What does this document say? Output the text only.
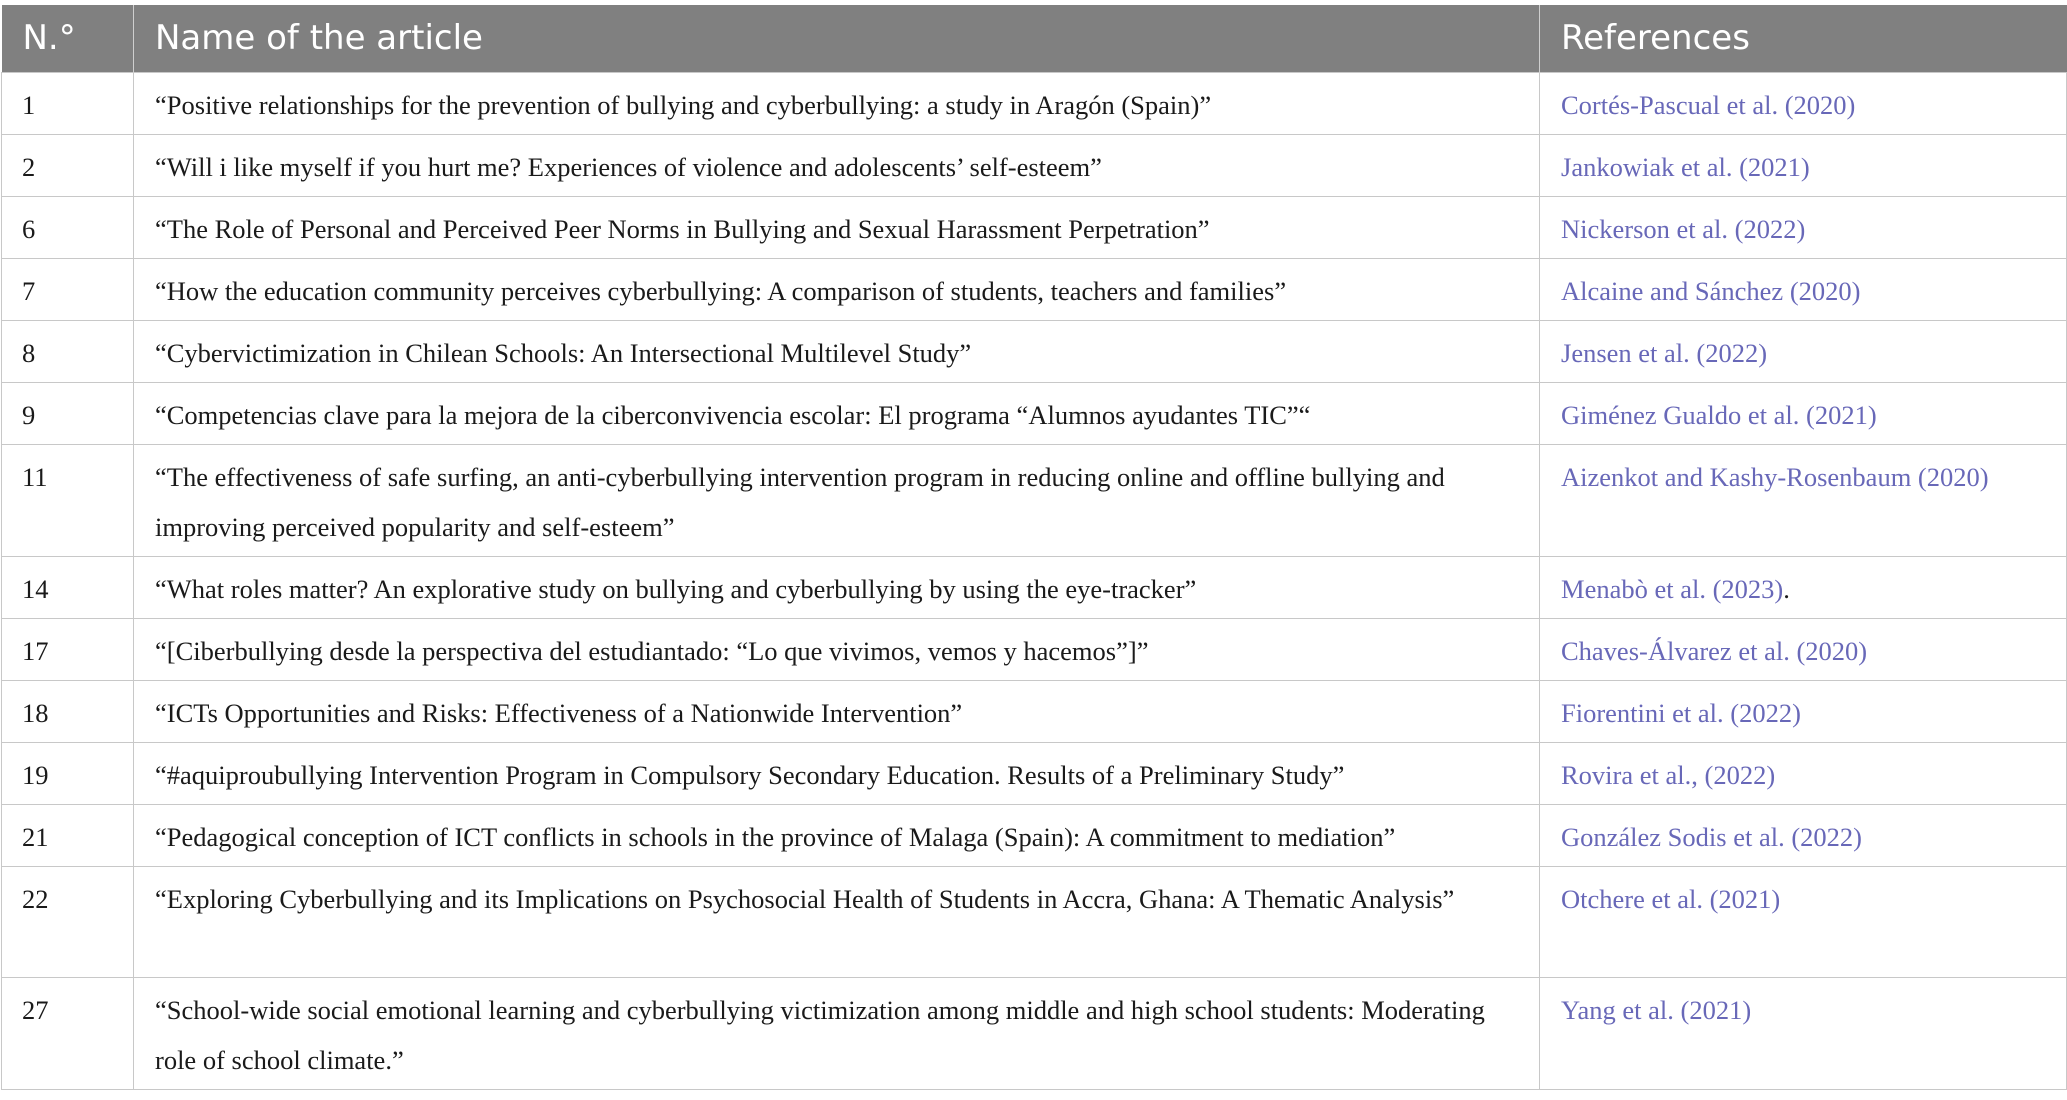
N.°	Name of the article	References
1	“Positive relationships for the prevention of bullying and cyberbullying: a study in Aragón (Spain)”	Cortés-Pascual et al. (2020)
2	“Will i like myself if you hurt me? Experiences of violence and adolescents’ self-esteem”	Jankowiak et al. (2021)
6	“The Role of Personal and Perceived Peer Norms in Bullying and Sexual Harassment Perpetration”	Nickerson et al. (2022)
7	“How the education community perceives cyberbullying: A comparison of students, teachers and families”	Alcaine and Sánchez (2020)
8	“Cybervictimization in Chilean Schools: An Intersectional Multilevel Study”	Jensen et al. (2022)
9	“Competencias clave para la mejora de la ciberconvivencia escolar: El programa “Alumnos ayudantes TIC”“	Giménez Gualdo et al. (2021)
11	“The effectiveness of safe surfing, an anti-cyberbullying intervention program in reducing online and offline bullying and improving perceived popularity and self-esteem”	Aizenkot and Kashy-Rosenbaum (2020)
14	“What roles matter? An explorative study on bullying and cyberbullying by using the eye-tracker”	Menabò et al. (2023).
17	“[Ciberbullying desde la perspectiva del estudiantado: “Lo que vivimos, vemos y hacemos”]”	Chaves-Álvarez et al. (2020)
18	“ICTs Opportunities and Risks: Effectiveness of a Nationwide Intervention”	Fiorentini et al. (2022)
19	“#aquiproubullying Intervention Program in Compulsory Secondary Education. Results of a Preliminary Study”	Rovira et al., (2022)
21	“Pedagogical conception of ICT conflicts in schools in the province of Malaga (Spain): A commitment to mediation”	González Sodis et al. (2022)
22	“Exploring Cyberbullying and its Implications on Psychosocial Health of Students in Accra, Ghana: A Thematic Analysis”	Otchere et al. (2021)
27	“School-wide social emotional learning and cyberbullying victimization among middle and high school students: Moderating role of school climate.”	Yang et al. (2021)
